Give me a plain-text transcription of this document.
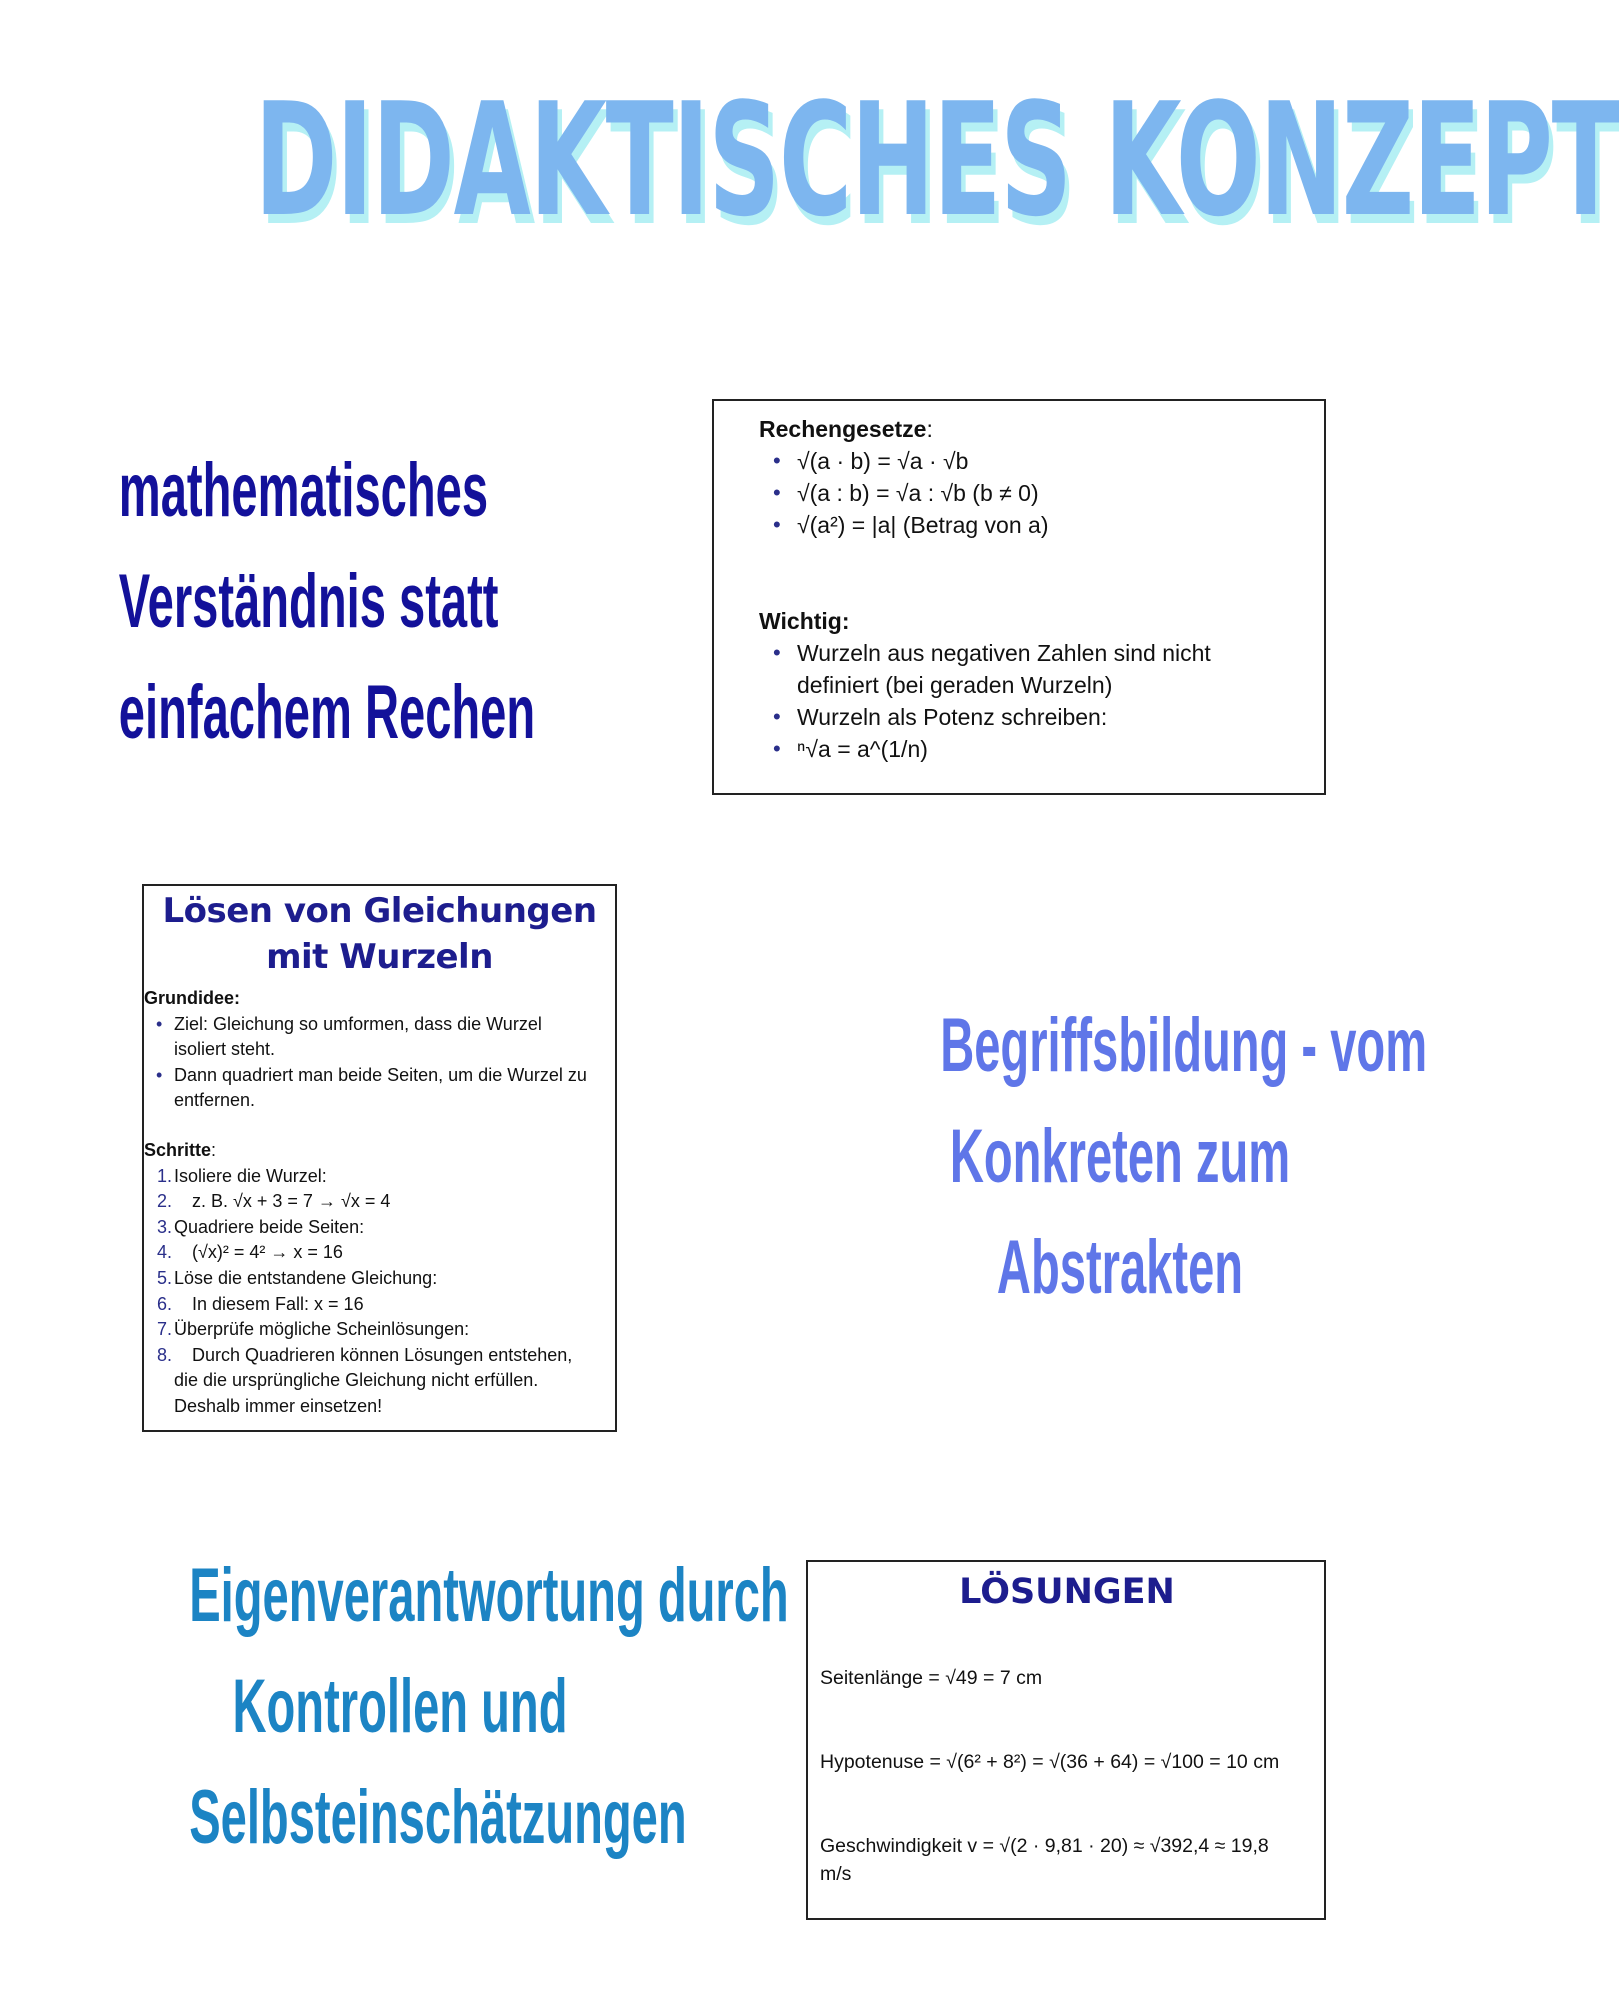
DIDAKTISCHES KONZEPT
mathematisches
Verständnis statt
einfachem Rechen
Rechengesetze:
• √(a · b) = √a · √b
• √(a : b) = √a : √b (b ≠ 0)
• √(a²) = |a| (Betrag von a)
Wichtig:
• Wurzeln aus negativen Zahlen sind nicht definiert (bei geraden Wurzeln)
• Wurzeln als Potenz schreiben:
• ⁿ√a = a^(1/n)
Lösen von Gleichungen
mit Wurzeln
Grundidee:
• Ziel: Gleichung so umformen, dass die Wurzel isoliert steht.
• Dann quadriert man beide Seiten, um die Wurzel zu entfernen.
Schritte:
1. Isoliere die Wurzel:
2. z. B. √x + 3 = 7 → √x = 4
3. Quadriere beide Seiten:
4. (√x)² = 4² → x = 16
5. Löse die entstandene Gleichung:
6. In diesem Fall: x = 16
7. Überprüfe mögliche Scheinlösungen:
8.	Durch Quadrieren können Lösungen entstehen, die die ursprüngliche Gleichung nicht erfüllen. Deshalb immer einsetzen!
Begriffsbildung - vom
Konkreten zum
Abstrakten
Eigenverantwortung durch
Kontrollen und
Selbsteinschätzungen
LÖSUNGEN
Seitenlänge = √49 = 7 cm
Hypotenuse = √(6² + 8²) = √(36 + 64) = √100 = 10 cm
Geschwindigkeit v = √(2 · 9,81 · 20) ≈ √392,4 ≈ 19,8 m/s
